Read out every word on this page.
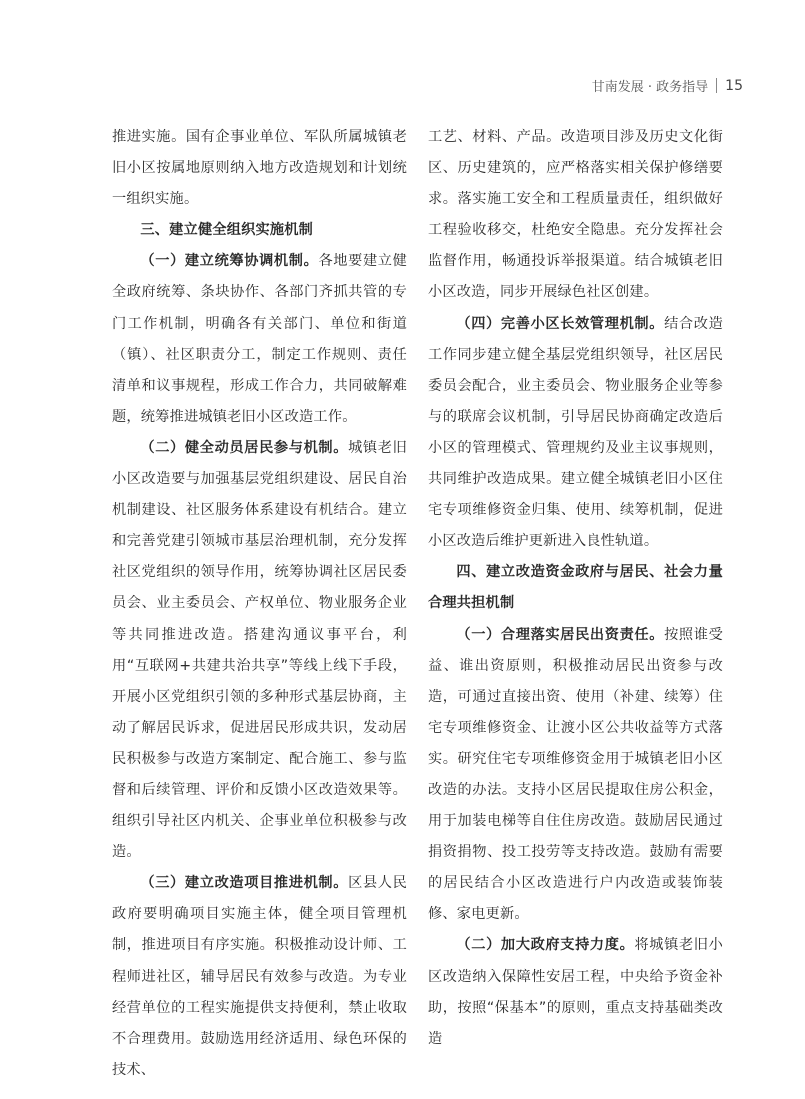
甘南发展 · 政务指导 15

推进实施。国有企事业单位、军队所属城镇老旧小区按属地原则纳入地方改造规划和计划统一组织实施。

三、建立健全组织实施机制

（一）建立统筹协调机制。各地要建立健全政府统筹、条块协作、各部门齐抓共管的专门工作机制，明确各有关部门、单位和街道（镇）、社区职责分工，制定工作规则、责任清单和议事规程，形成工作合力，共同破解难题，统筹推进城镇老旧小区改造工作。

（二）健全动员居民参与机制。城镇老旧小区改造要与加强基层党组织建设、居民自治机制建设、社区服务体系建设有机结合。建立和完善党建引领城市基层治理机制，充分发挥社区党组织的领导作用，统筹协调社区居民委员会、业主委员会、产权单位、物业服务企业等共同推进改造。搭建沟通议事平台，利用“互联网+共建共治共享”等线上线下手段，开展小区党组织引领的多种形式基层协商，主动了解居民诉求，促进居民形成共识，发动居民积极参与改造方案制定、配合施工、参与监督和后续管理、评价和反馈小区改造效果等。组织引导社区内机关、企事业单位积极参与改造。

（三）建立改造项目推进机制。区县人民政府要明确项目实施主体，健全项目管理机制，推进项目有序实施。积极推动设计师、工程师进社区，辅导居民有效参与改造。为专业经营单位的工程实施提供支持便利，禁止收取不合理费用。鼓励选用经济适用、绿色环保的技术、

工艺、材料、产品。改造项目涉及历史文化街区、历史建筑的，应严格落实相关保护修缮要求。落实施工安全和工程质量责任，组织做好工程验收移交，杜绝安全隐患。充分发挥社会监督作用，畅通投诉举报渠道。结合城镇老旧小区改造，同步开展绿色社区创建。

（四）完善小区长效管理机制。结合改造工作同步建立健全基层党组织领导，社区居民委员会配合，业主委员会、物业服务企业等参与的联席会议机制，引导居民协商确定改造后小区的管理模式、管理规约及业主议事规则，共同维护改造成果。建立健全城镇老旧小区住宅专项维修资金归集、使用、续筹机制，促进小区改造后维护更新进入良性轨道。

四、建立改造资金政府与居民、社会力量合理共担机制

（一）合理落实居民出资责任。按照谁受益、谁出资原则，积极推动居民出资参与改造，可通过直接出资、使用（补建、续筹）住宅专项维修资金、让渡小区公共收益等方式落实。研究住宅专项维修资金用于城镇老旧小区改造的办法。支持小区居民提取住房公积金，用于加装电梯等自住住房改造。鼓励居民通过捐资捐物、投工投劳等支持改造。鼓励有需要的居民结合小区改造进行户内改造或装饰装修、家电更新。

（二）加大政府支持力度。将城镇老旧小区改造纳入保障性安居工程，中央给予资金补助，按照“保基本”的原则，重点支持基础类改造
